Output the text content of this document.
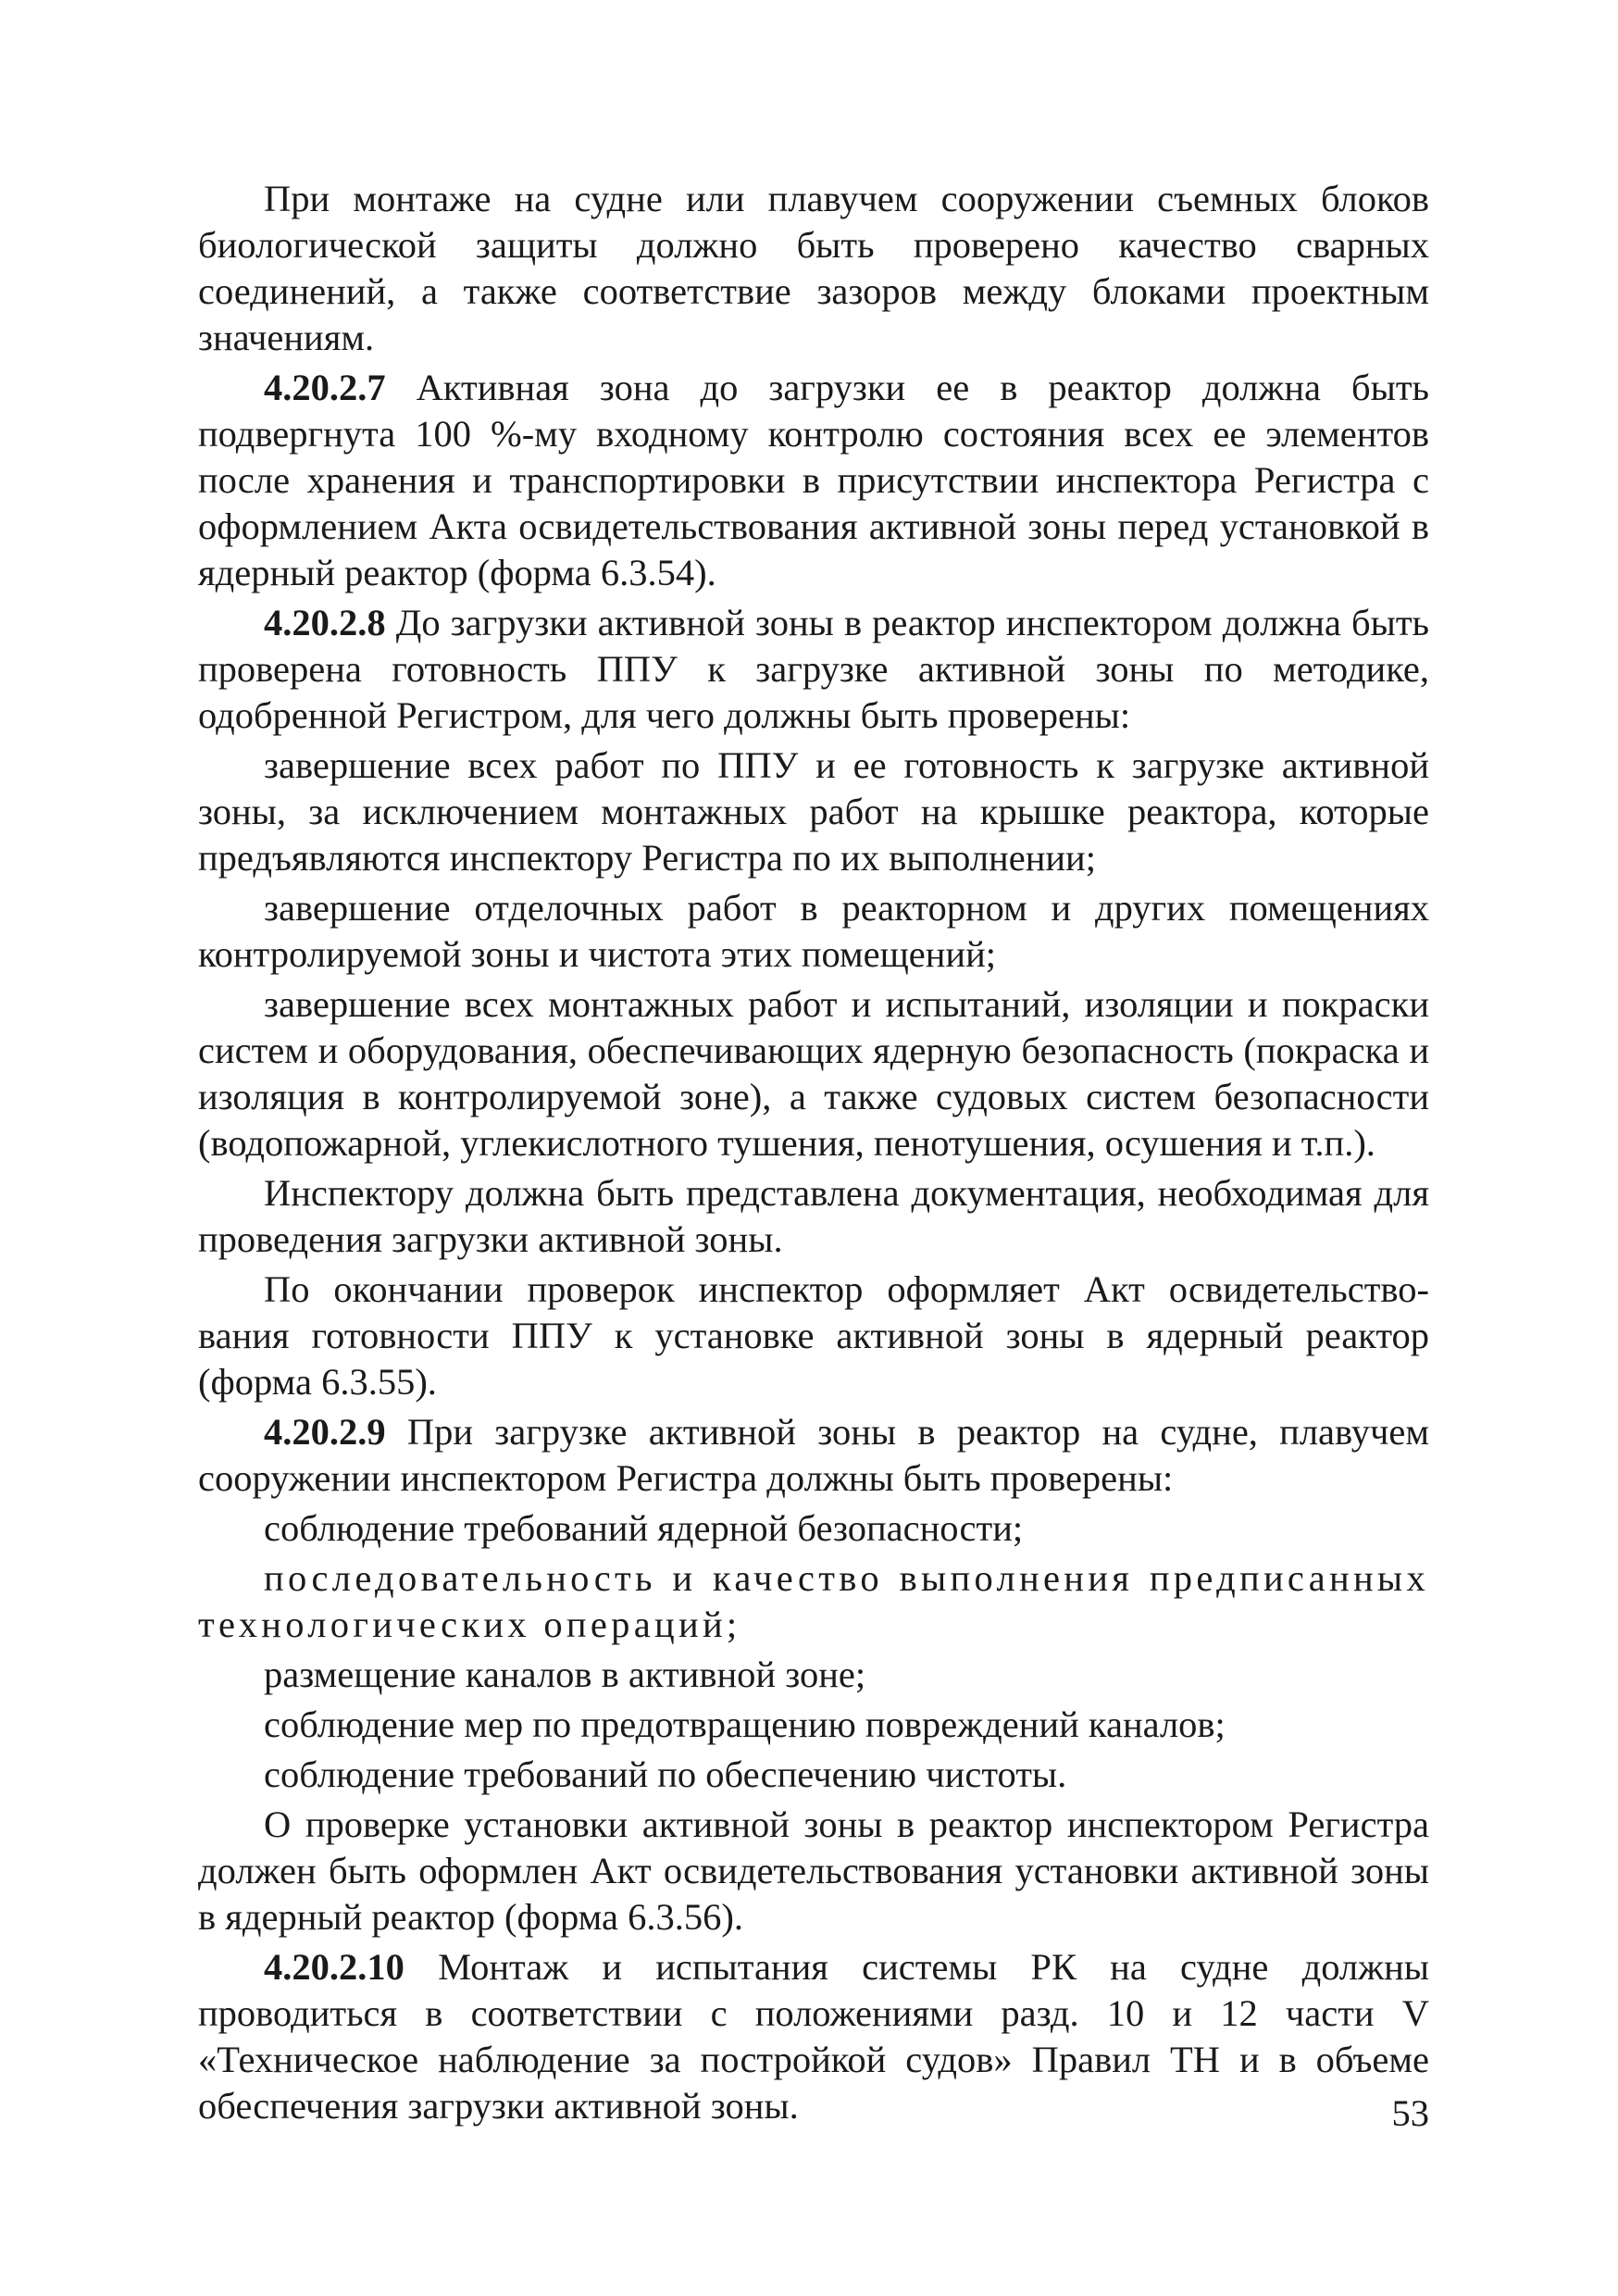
При монтаже на судне или плавучем сооружении съемных блоков биологической защиты должно быть проверено качество сварных соединений, а также соответствие зазоров между блоками проектным значениям.

4.20.2.7 Активная зона до загрузки ее в реактор должна быть подвергнута 100 %-му входному контролю состояния всех ее элементов после хранения и транспортировки в присутствии инспектора Регистра с оформлением Акта освидетельствования активной зоны перед установкой в ядерный реактор (форма 6.3.54).

4.20.2.8 До загрузки активной зоны в реактор инспектором должна быть проверена готовность ППУ к загрузке активной зоны по методике, одобренной Регистром, для чего должны быть проверены:

завершение всех работ по ППУ и ее готовность к загрузке активной зоны, за исключением монтажных работ на крышке реактора, которые предъявляются инспектору Регистра по их выполнении;

завершение отделочных работ в реакторном и других помещениях контролируемой зоны и чистота этих помещений;

завершение всех монтажных работ и испытаний, изоляции и покраски систем и оборудования, обеспечивающих ядерную безопасность (покраска и изоляция в контролируемой зоне), а также судовых систем безопасности (водопожарной, углекислотного тушения, пенотушения, осушения и т.п.).

Инспектору должна быть представлена документация, необходимая для проведения загрузки активной зоны.

По окончании проверок инспектор оформляет Акт освидетельство-вания готовности ППУ к установке активной зоны в ядерный реактор (форма 6.3.55).

4.20.2.9 При загрузке активной зоны в реактор на судне, плавучем сооружении инспектором Регистра должны быть проверены:

соблюдение требований ядерной безопасности;

последовательность и качество выполнения предписанных технологических операций;

размещение каналов в активной зоне;

соблюдение мер по предотвращению повреждений каналов;

соблюдение требований по обеспечению чистоты.

О проверке установки активной зоны в реактор инспектором Регистра должен быть оформлен Акт освидетельствования установки активной зоны в ядерный реактор (форма 6.3.56).

4.20.2.10 Монтаж и испытания системы РК на судне должны проводиться в соответствии с положениями разд. 10 и 12 части V «Техническое наблюдение за постройкой судов» Правил ТН и в объеме обеспечения загрузки активной зоны.	53
